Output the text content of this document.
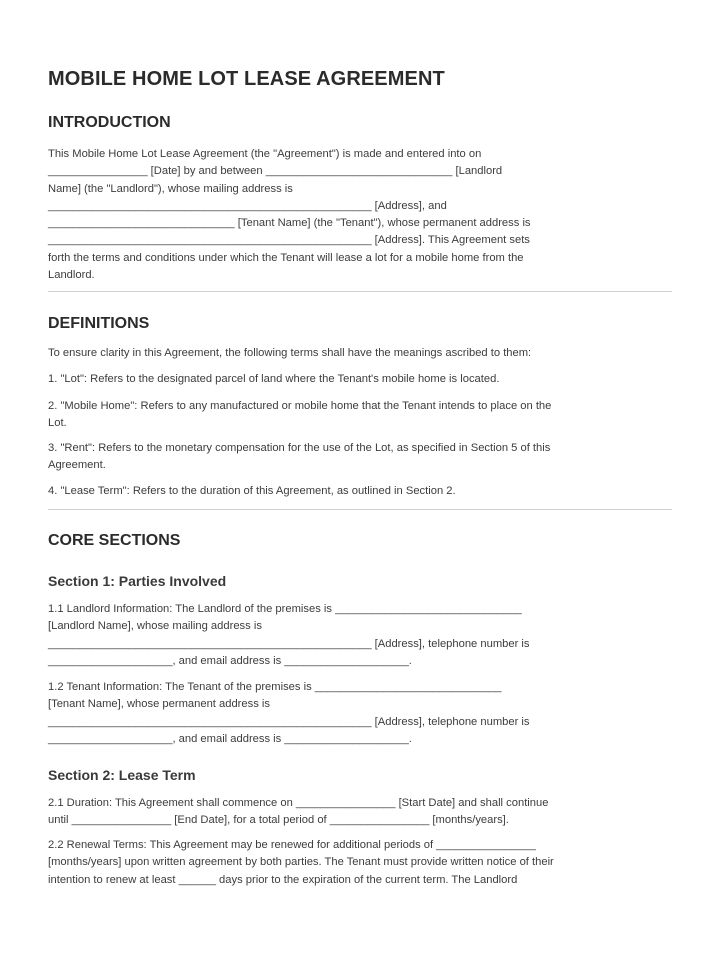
MOBILE HOME LOT LEASE AGREEMENT
INTRODUCTION

This Mobile Home Lot Lease Agreement (the "Agreement") is made and entered into on

________________ [Date] by and between ______________________________ [Landlord

Name] (the "Landlord"), whose mailing address is

____________________________________________________ [Address], and

______________________________ [Tenant Name] (the "Tenant"), whose permanent address is

____________________________________________________ [Address]. This Agreement sets

forth the terms and conditions under which the Tenant will lease a lot for a mobile home from the

Landlord.

DEFINITIONS

To ensure clarity in this Agreement, the following terms shall have the meanings ascribed to them:

1. "Lot": Refers to the designated parcel of land where the Tenant's mobile home is located.

2. "Mobile Home": Refers to any manufactured or mobile home that the Tenant intends to place on the

Lot.

3. "Rent": Refers to the monetary compensation for the use of the Lot, as specified in Section 5 of this

Agreement.

4. "Lease Term": Refers to the duration of this Agreement, as outlined in Section 2.

CORE SECTIONS
Section 1: Parties Involved

1.1 Landlord Information: The Landlord of the premises is ______________________________

[Landlord Name], whose mailing address is

____________________________________________________ [Address], telephone number is

____________________, and email address is ____________________.

1.2 Tenant Information: The Tenant of the premises is ______________________________

[Tenant Name], whose permanent address is

____________________________________________________ [Address], telephone number is

____________________, and email address is ____________________.

Section 2: Lease Term

2.1 Duration: This Agreement shall commence on ________________ [Start Date] and shall continue

until ________________ [End Date], for a total period of ________________ [months/years].

2.2 Renewal Terms: This Agreement may be renewed for additional periods of ________________

[months/years] upon written agreement by both parties. The Tenant must provide written notice of their

intention to renew at least ______ days prior to the expiration of the current term. The Landlord
